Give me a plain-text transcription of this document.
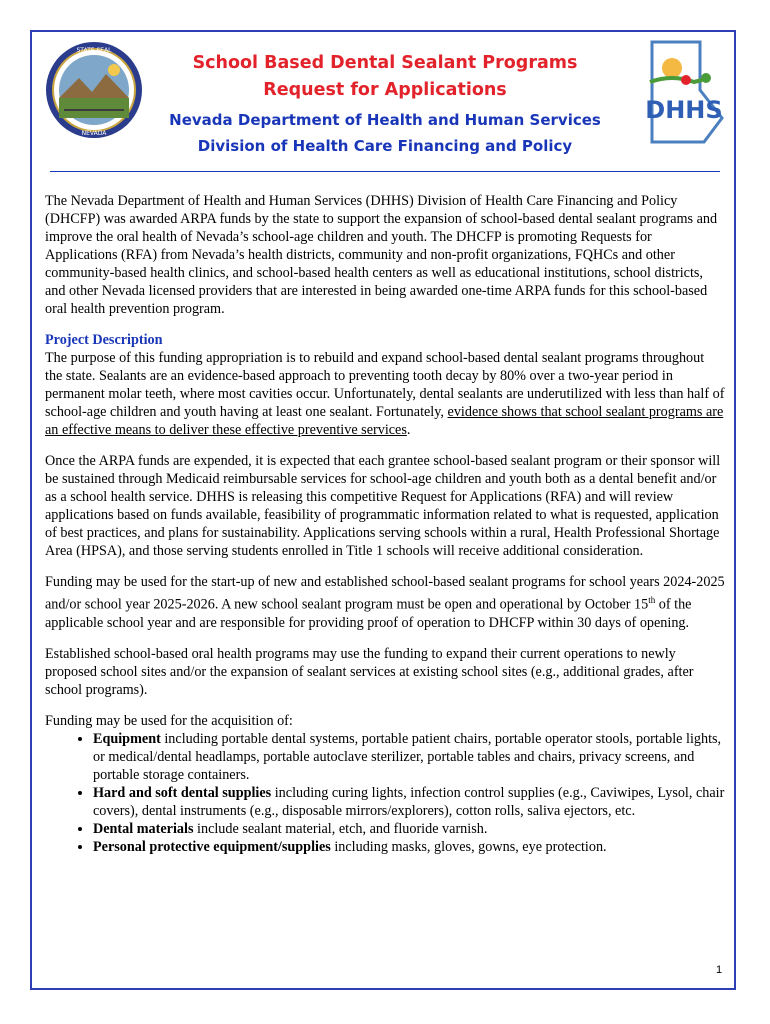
STATE SEAL
NEVADA
DHHS
School Based Dental Sealant Programs
Request for Applications
Nevada Department of Health and Human Services
Division of Health Care Financing and Policy

The Nevada Department of Health and Human Services (DHHS) Division of Health Care Financing and Policy (DHCFP) was awarded ARPA funds by the state to support the expansion of school-based dental sealant programs and improve the oral health of Nevada’s school-age children and youth. The DHCFP is promoting Requests for Applications (RFA) from Nevada’s health districts, community and non-profit organizations, FQHCs and other community-based health clinics, and school-based health centers as well as educational institutions, school districts, and other Nevada licensed providers that are interested in being awarded one-time ARPA funds for this school-based oral health prevention program.

Project Description
The purpose of this funding appropriation is to rebuild and expand school-based dental sealant programs throughout the state. Sealants are an evidence-based approach to preventing tooth decay by 80% over a two-year period in permanent molar teeth, where most cavities occur. Unfortunately, dental sealants are underutilized with less than half of school-age children and youth having at least one sealant. Fortunately, evidence shows that school sealant programs are an effective means to deliver these effective preventive services.

Once the ARPA funds are expended, it is expected that each grantee school-based sealant program or their sponsor will be sustained through Medicaid reimbursable services for school-age children and youth both as a dental benefit and/or as a school health service. DHHS is releasing this competitive Request for Applications (RFA) and will review applications based on funds available, feasibility of programmatic information related to what is requested, application of best practices, and plans for sustainability. Applications serving schools within a rural, Health Professional Shortage Area (HPSA), and those serving students enrolled in Title 1 schools will receive additional consideration.

Funding may be used for the start-up of new and established school-based sealant programs for school years 2024-2025 and/or school year 2025-2026. A new school sealant program must be open and operational by October 15th of the applicable school year and are responsible for providing proof of operation to DHCFP within 30 days of opening.

Established school-based oral health programs may use the funding to expand their current operations to newly proposed school sites and/or the expansion of sealant services at existing school sites (e.g., additional grades, after school programs).

Funding may be used for the acquisition of:

• Equipment including portable dental systems, portable patient chairs, portable operator stools, portable lights, or medical/dental headlamps, portable autoclave sterilizer, portable tables and chairs, privacy screens, and portable storage containers.
• Hard and soft dental supplies including curing lights, infection control supplies (e.g., Caviwipes, Lysol, chair covers), dental instruments (e.g., disposable mirrors/explorers), cotton rolls, saliva ejectors, etc.
• Dental materials include sealant material, etch, and fluoride varnish.
• Personal protective equipment/supplies including masks, gloves, gowns, eye protection.
1
